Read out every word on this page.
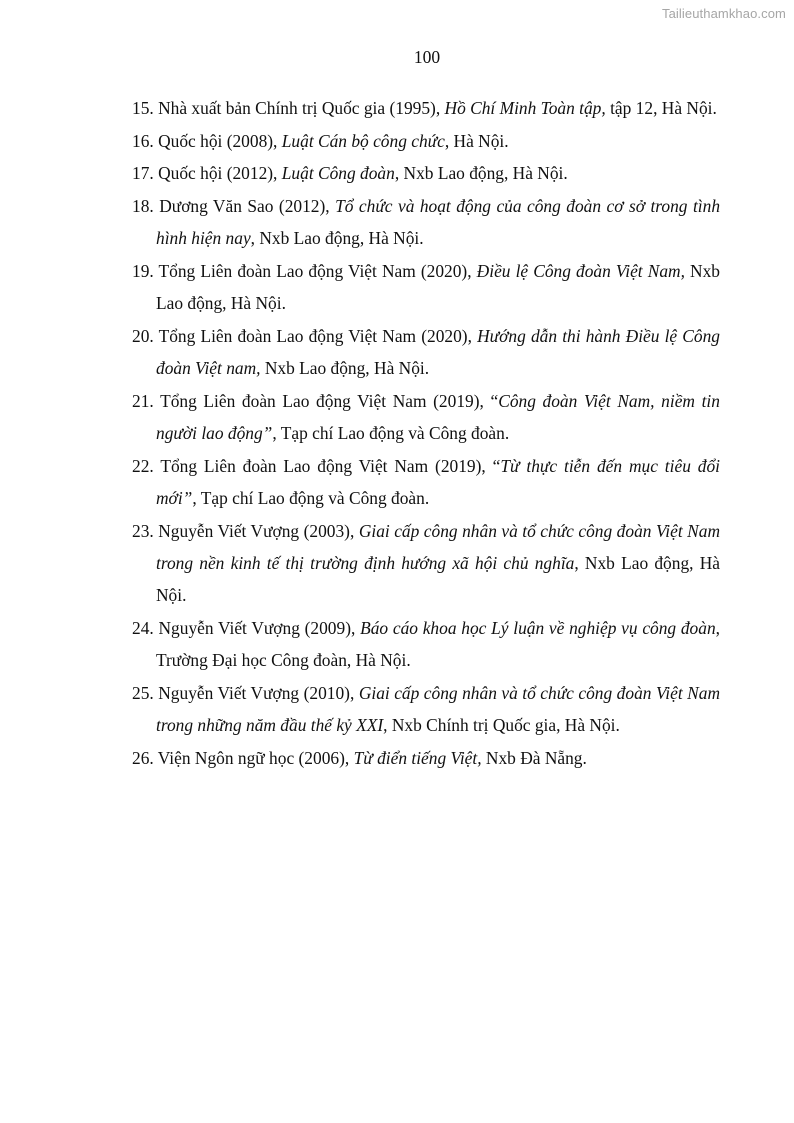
Tailieuthamkhao.com
100
15. Nhà xuất bản Chính trị Quốc gia (1995), Hồ Chí Minh Toàn tập, tập 12, Hà Nội.
16. Quốc hội (2008), Luật Cán bộ công chức, Hà Nội.
17. Quốc hội (2012), Luật Công đoàn, Nxb Lao động, Hà Nội.
18. Dương Văn Sao (2012), Tổ chức và hoạt động của công đoàn cơ sở trong tình hình hiện nay, Nxb Lao động, Hà Nội.
19. Tổng Liên đoàn Lao động Việt Nam (2020), Điều lệ Công đoàn Việt Nam, Nxb Lao động, Hà Nội.
20. Tổng Liên đoàn Lao động Việt Nam (2020), Hướng dẫn thi hành Điều lệ Công đoàn Việt nam, Nxb Lao động, Hà Nội.
21. Tổng Liên đoàn Lao động Việt Nam (2019), “Công đoàn Việt Nam, niềm tin người lao động”, Tạp chí Lao động và Công đoàn.
22. Tổng Liên đoàn Lao động Việt Nam (2019), “Từ thực tiễn đến mục tiêu đổi mới”, Tạp chí Lao động và Công đoàn.
23. Nguyễn Viết Vượng (2003), Giai cấp công nhân và tổ chức công đoàn Việt Nam trong nền kinh tế thị trường định hướng xã hội chủ nghĩa, Nxb Lao động, Hà Nội.
24. Nguyễn Viết Vượng (2009), Báo cáo khoa học Lý luận về nghiệp vụ công đoàn, Trường Đại học Công đoàn, Hà Nội.
25. Nguyễn Viết Vượng (2010), Giai cấp công nhân và tổ chức công đoàn Việt Nam trong những năm đầu thế kỷ XXI, Nxb Chính trị Quốc gia, Hà Nội.
26. Viện Ngôn ngữ học (2006), Từ điển tiếng Việt, Nxb Đà Nẵng.
